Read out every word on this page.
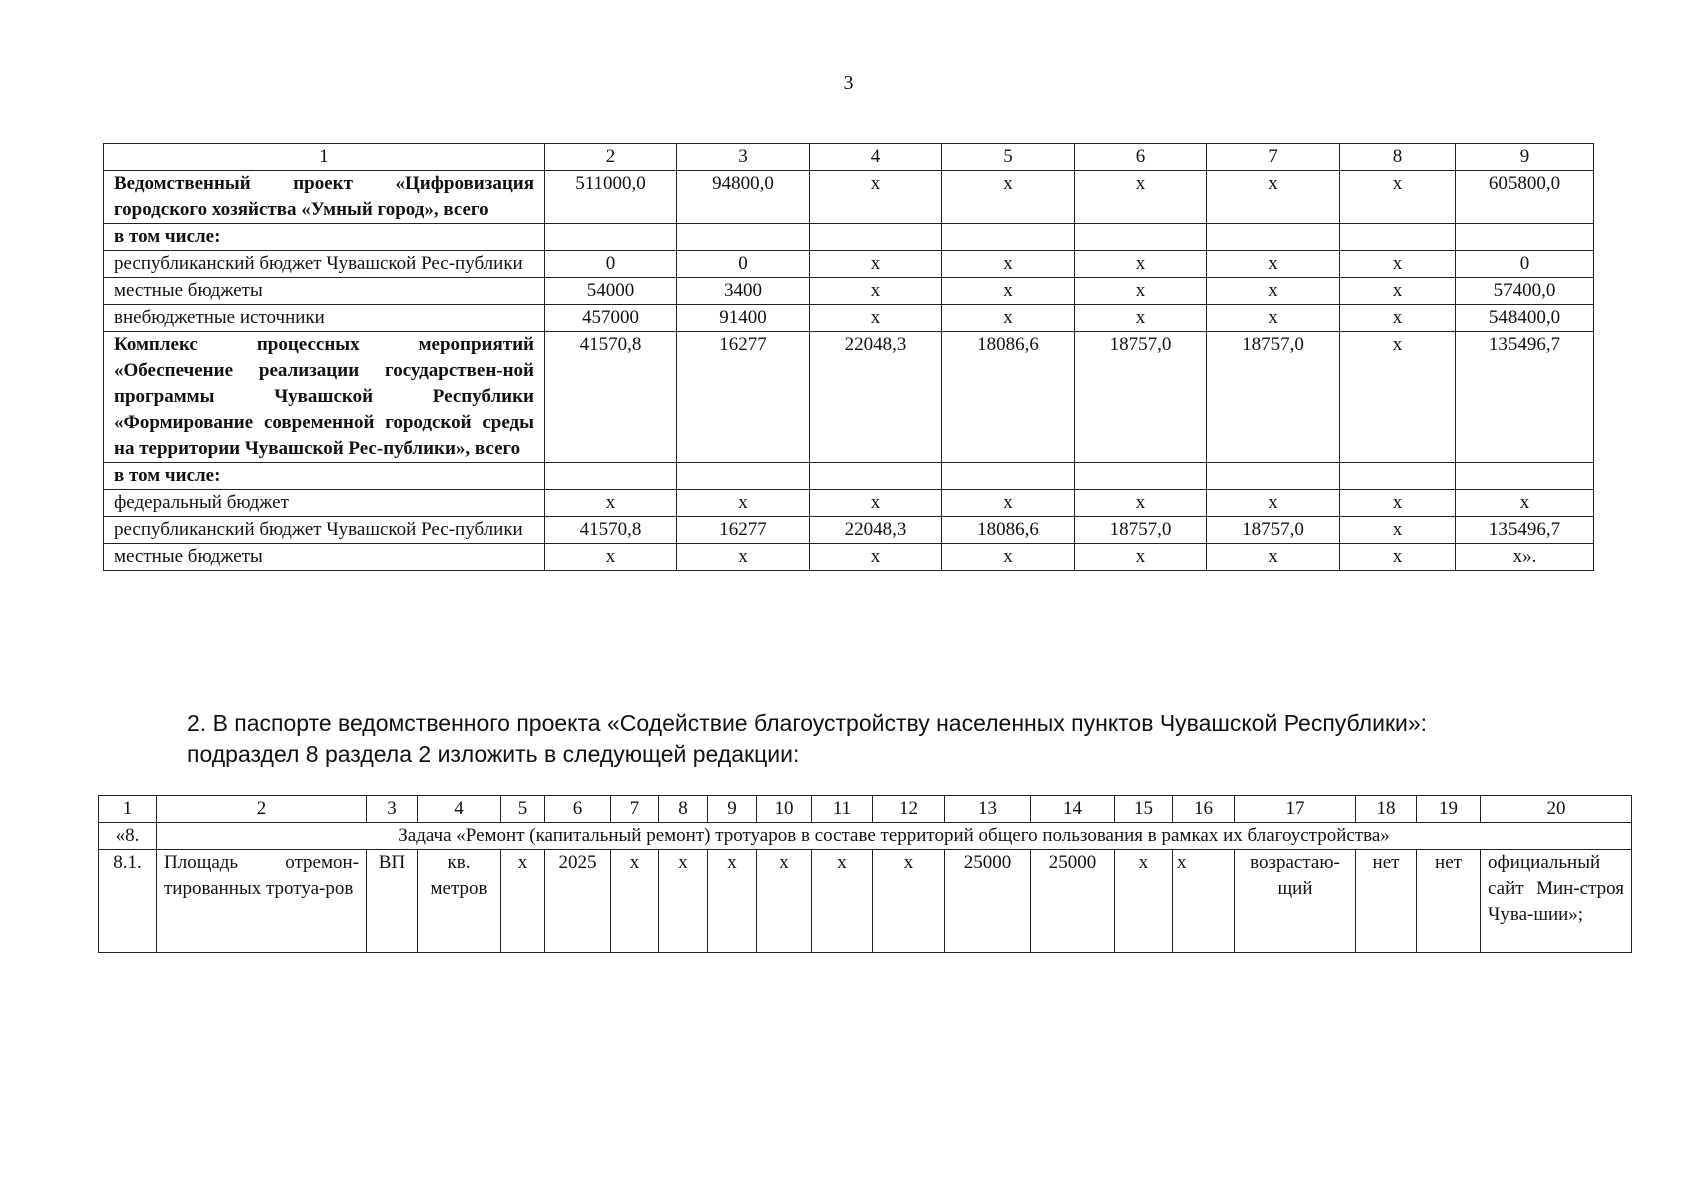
3
1	2	3	4	5	6	7	8	9
Ведомственный проект «Цифровизация городского хозяйства «Умный город», всего	511000,0	94800,0	х	х	х	х	х	605800,0
в том числе:								
республиканский бюджет Чувашской Рес-публики	0	0	х	х	х	х	х	0
местные бюджеты	54000	3400	х	х	х	х	х	57400,0
внебюджетные источники	457000	91400	х	х	х	х	х	548400,0
Комплекс процессных мероприятий «Обеспечение реализации государствен-ной программы Чувашской Республики «Формирование современной городской среды на территории Чувашской Рес-публики», всего	41570,8	16277	22048,3	18086,6	18757,0	18757,0	х	135496,7
в том числе:								
федеральный бюджет	х	х	х	х	х	х	х	х
республиканский бюджет Чувашской Рес-публики	41570,8	16277	22048,3	18086,6	18757,0	18757,0	х	135496,7
местные бюджеты	х	х	х	х	х	х	х	х».
2. В паспорте ведомственного проекта «Содействие благоустройству населенных пунктов Чувашской Республики»:
подраздел 8 раздела 2 изложить в следующей редакции:
1	2	3	4	5	6	7	8	9	10	11	12	13	14	15	16	17	18	19	20
«8.	Задача «Ремонт (капитальный ремонт) тротуаров в составе территорий общего пользования в рамках их благоустройства»																		
8.1.	Площадь отремон-тированных тротуа-ров	ВП	кв. метров	х	2025	х	х	х	х	х	х	25000	25000	х	х	возрастаю-щий	нет	нет	официальный сайт Мин-строя Чува-шии»;
